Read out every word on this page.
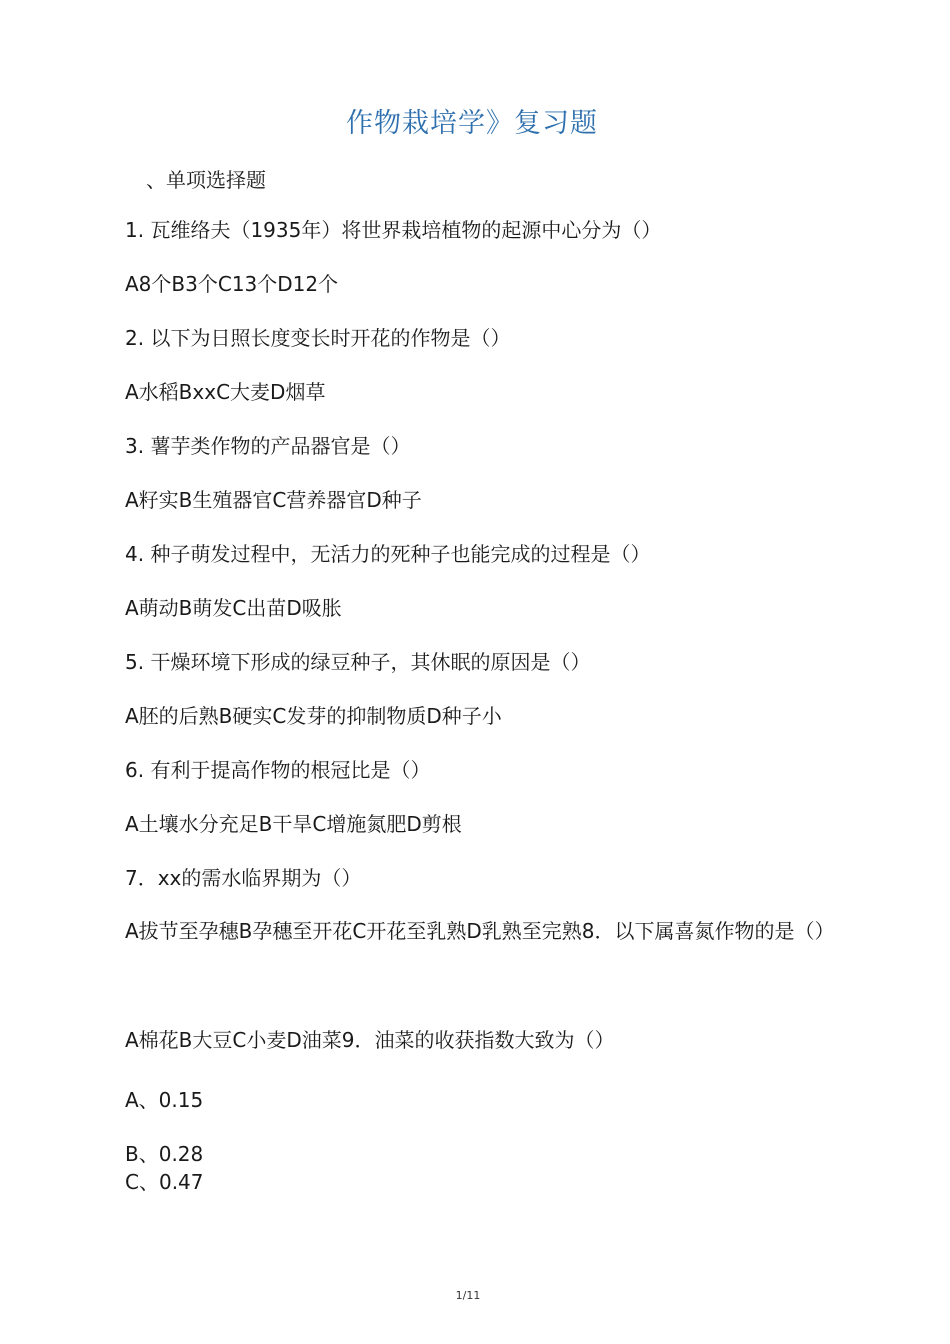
作物栽培学》复习题
、单项选择题
1. 瓦维络夫（1935年）将世界栽培植物的起源中心分为（）
A8个B3个C13个D12个
2. 以下为日照长度变长时开花的作物是（）
A水稻BxxC大麦D烟草
3. 薯芋类作物的产品器官是（）
A籽实B生殖器官C营养器官D种子
4. 种子萌发过程中，无活力的死种子也能完成的过程是（）
A萌动B萌发C出苗D吸胀
5. 干燥环境下形成的绿豆种子，其休眠的原因是（）
A胚的后熟B硬实C发芽的抑制物质D种子小
6. 有利于提高作物的根冠比是（）
A土壤水分充足B干旱C增施氮肥D剪根
7．xx的需水临界期为（）
A拔节至孕穗B孕穗至开花C开花至乳熟D乳熟至完熟8．以下属喜氮作物的是（）
A棉花B大豆C小麦D油菜9．油菜的收获指数大致为（）
A、0.15
B、0.28
C、0.47
1/11
